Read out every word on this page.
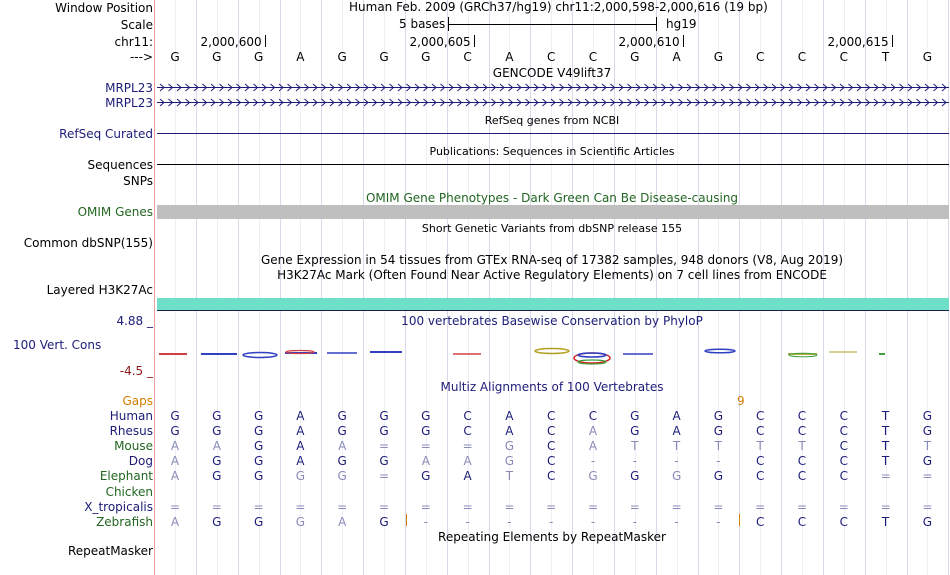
Window Position	Human Feb. 2009 (GRCh37/hg19) chr11:2,000,598-2,000,616 (19 bp)
Scale	5 bases	hg19
chr11:	2,000,600	2,000,605	2,000,610	2,000,615
---> G	G	G	A	G	G	G	C	A	C	C	G	A	G	C	C	C	T	G
GENCODE V49lift37
MRPL23
MRPL23
RefSeq genes from NCBI
RefSeq Curated
Publications: Sequences in Scientific Articles
Sequences
SNPs
OMIM Gene Phenotypes - Dark Green Can Be Disease-causing
OMIM Genes
Short Genetic Variants from dbSNP release 155
Common dbSNP(155)
Gene Expression in 54 tissues from GTEx RNA-seq of 17382 samples, 948 donors (V8, Aug 2019)
H3K27Ac Mark (Often Found Near Active Regulatory Elements) on 7 cell lines from ENCODE
Layered H3K27Ac
4.88 _	100 vertebrates Basewise Conservation by PhyloP
100 Vert. Cons
-4.5 _
Multiz Alignments of 100 Vertebrates
Gaps	9
Human G	G	G	A	G	G	G	C	A	C	C	G	A	G	C	C	C	T	G
Rhesus G	G	G	A	G	G	G	C	A	C	A	G	A	G	C	C	C	T	G
Mouse A	A	G	A	A	=	=	=	G	C	A	T	T	T	T	T	C	T	T
Dog A	G	G	A	G	G	A	A	G	C	-	-	-	-	C	C	C	T	G
Elephant A	G	G	G	G	=	G	A	T	C	G	G	G	G	C	C	C	=	=
Chicken
X_tropicalis =	=	=	=	=	=	=	=	=	=	=	=	=	=	=	=	=	=	=
Zebrafish A	G	G	G	A	G	-	-	-	-	-	-	-	-	C	C	C	T	G
Repeating Elements by RepeatMasker
RepeatMasker
